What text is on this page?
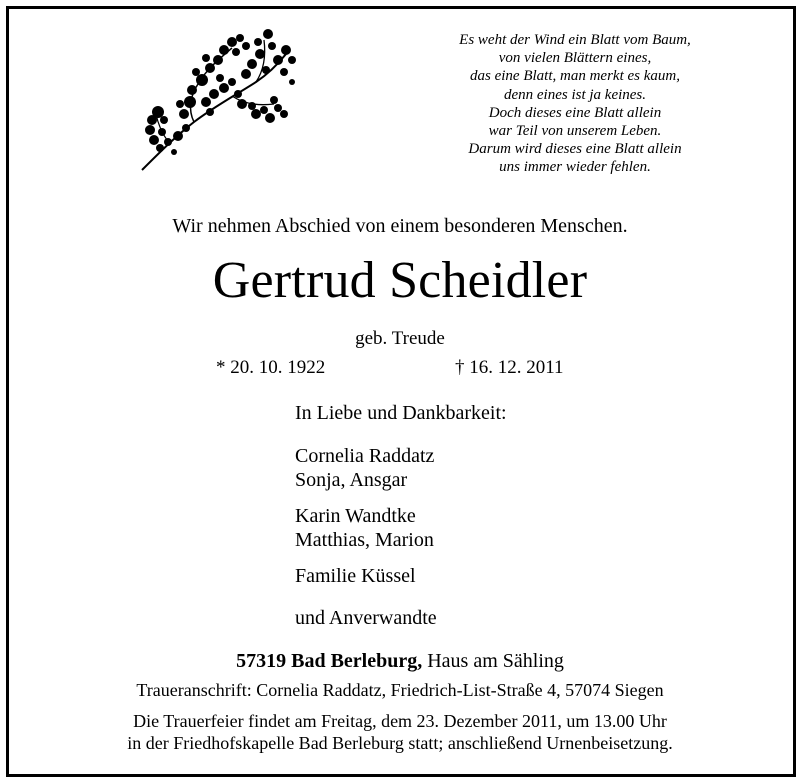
Es weht der Wind ein Blatt vom Baum,
von vielen Blättern eines,
das eine Blatt, man merkt es kaum,
denn eines ist ja keines.
Doch dieses eine Blatt allein
war Teil von unserem Leben.
Darum wird dieses eine Blatt allein
uns immer wieder fehlen.
Wir nehmen Abschied von einem besonderen Menschen.
Gertrud Scheidler
geb. Treude
* 20. 10. 1922	† 16. 12. 2011
In Liebe und Dankbarkeit:
Cornelia Raddatz
Sonja, Ansgar
Karin Wandtke
Matthias, Marion
Familie Küssel
und Anverwandte
57319 Bad Berleburg, Haus am Sähling
Traueranschrift: Cornelia Raddatz, Friedrich-List-Straße 4, 57074 Siegen
Die Trauerfeier findet am Freitag, dem 23. Dezember 2011, um 13.00 Uhr
in der Friedhofskapelle Bad Berleburg statt; anschließend Urnenbeisetzung.
